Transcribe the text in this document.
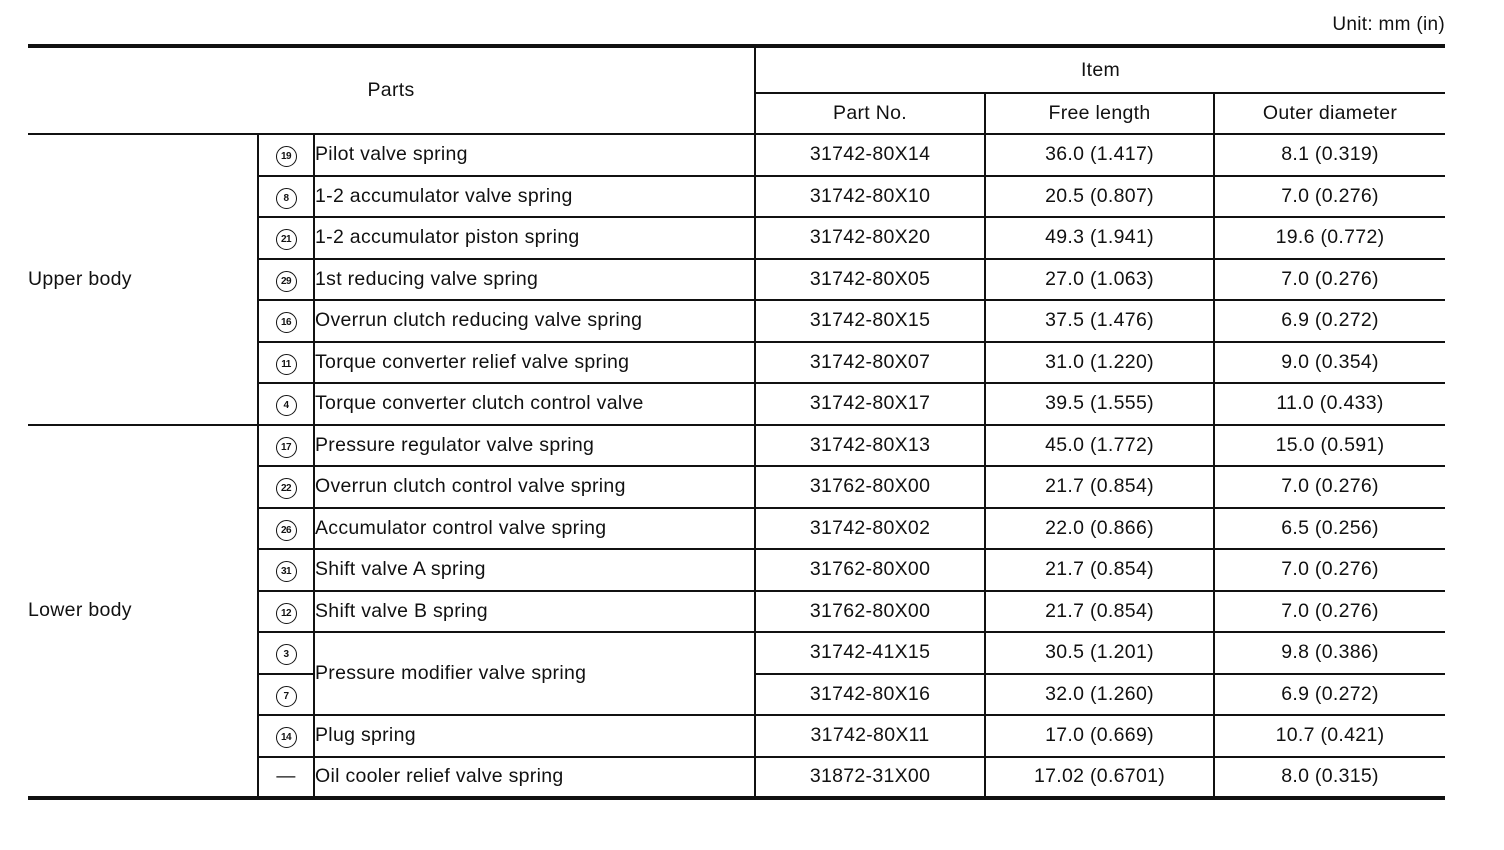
Unit: mm (in)
Parts			Item		
			Part No.	Free length	Outer diameter
Upper body	19	Pilot valve spring	31742-80X14	36.0 (1.417)	8.1 (0.319)
	8	1-2 accumulator valve spring	31742-80X10	20.5 (0.807)	7.0 (0.276)
	21	1-2 accumulator piston spring	31742-80X20	49.3 (1.941)	19.6 (0.772)
	29	1st reducing valve spring	31742-80X05	27.0 (1.063)	7.0 (0.276)
	16	Overrun clutch reducing valve spring	31742-80X15	37.5 (1.476)	6.9 (0.272)
	11	Torque converter relief valve spring	31742-80X07	31.0 (1.220)	9.0 (0.354)
	4	Torque converter clutch control valve	31742-80X17	39.5 (1.555)	11.0 (0.433)
Lower body	17	Pressure regulator valve spring	31742-80X13	45.0 (1.772)	15.0 (0.591)
	22	Overrun clutch control valve spring	31762-80X00	21.7 (0.854)	7.0 (0.276)
	26	Accumulator control valve spring	31742-80X02	22.0 (0.866)	6.5 (0.256)
	31	Shift valve A spring	31762-80X00	21.7 (0.854)	7.0 (0.276)
	12	Shift valve B spring	31762-80X00	21.7 (0.854)	7.0 (0.276)
	3	Pressure modifier valve spring	31742-41X15	30.5 (1.201)	9.8 (0.386)
	7		31742-80X16	32.0 (1.260)	6.9 (0.272)
	14	Plug spring	31742-80X11	17.0 (0.669)	10.7 (0.421)
	—	Oil cooler relief valve spring	31872-31X00	17.02 (0.6701)	8.0 (0.315)
